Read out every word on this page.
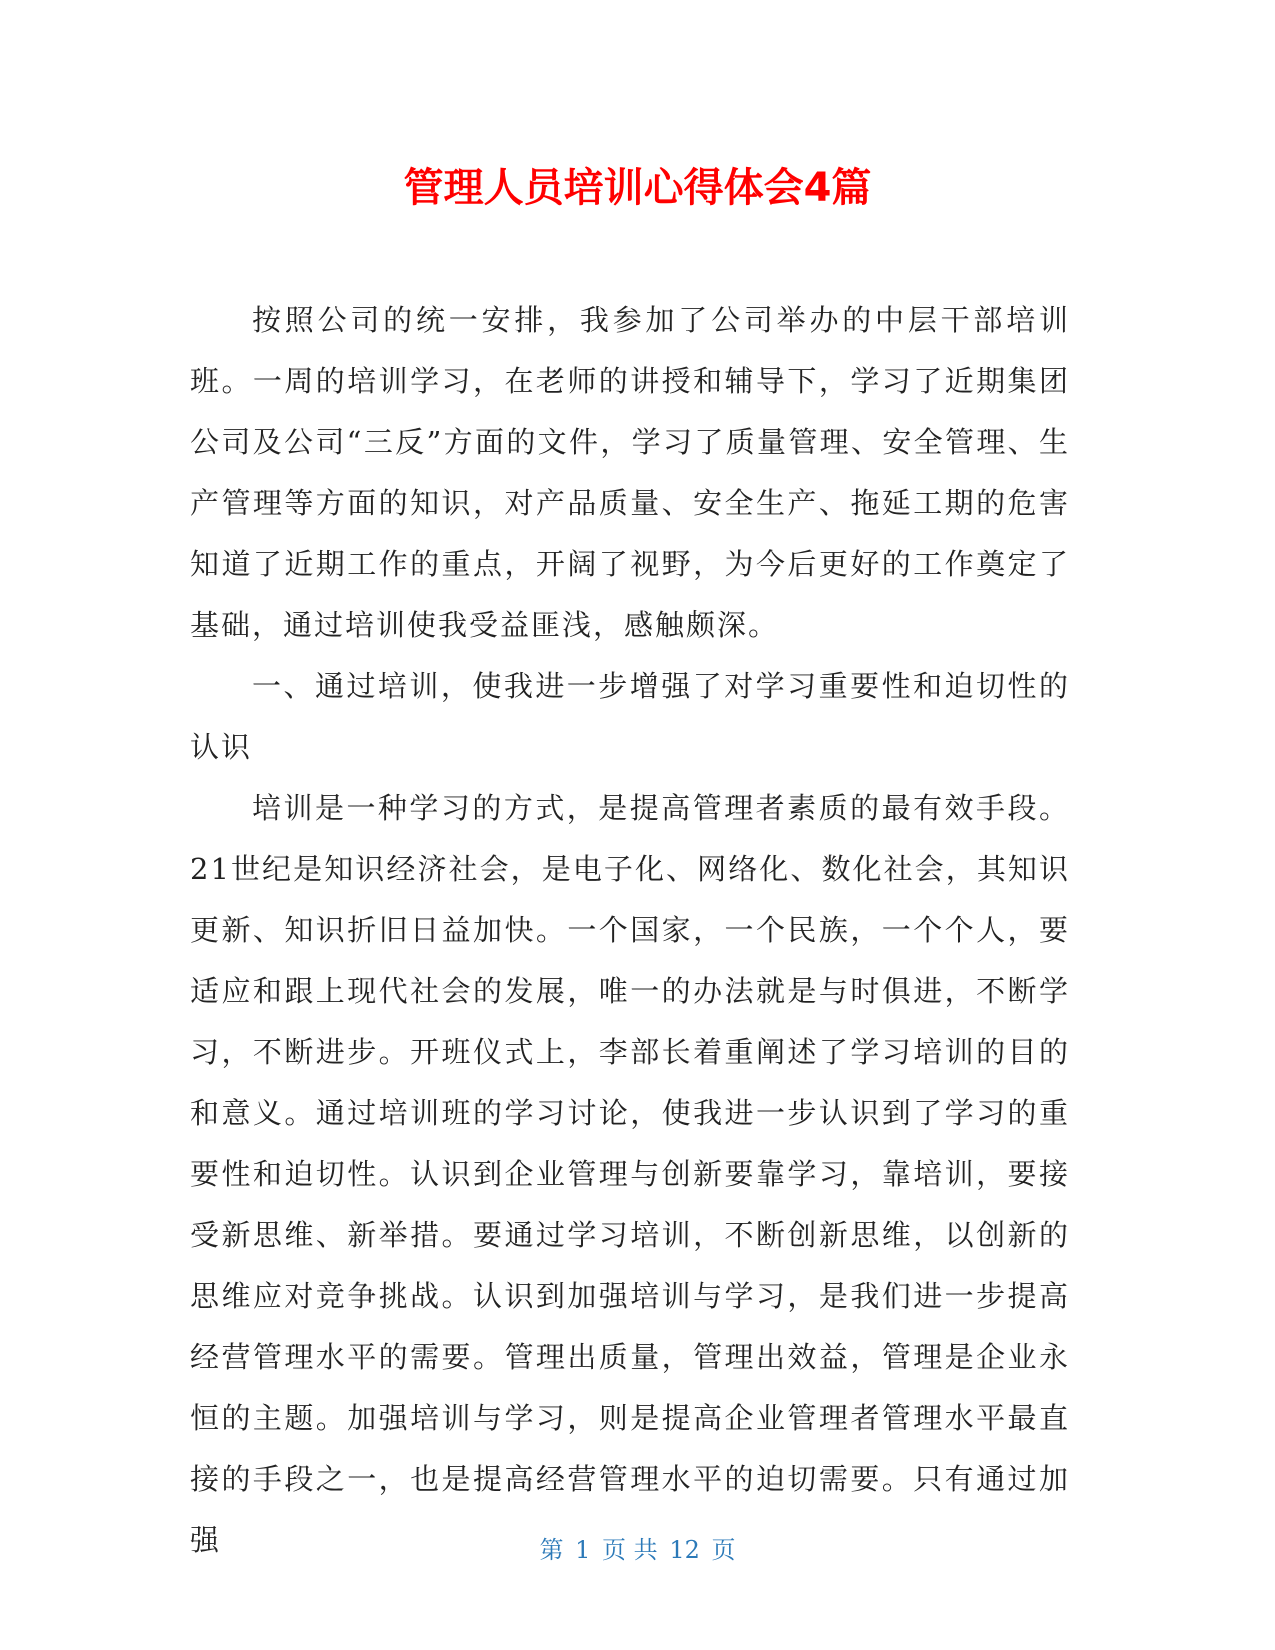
管理人员培训心得体会4篇

按照公司的统一安排，我参加了公司举办的中层干部培训班。一周的培训学习，在老师的讲授和辅导下，学习了近期集团公司及公司“三反”方面的文件，学习了质量管理、安全管理、生产管理等方面的知识，对产品质量、安全生产、拖延工期的危害知道了近期工作的重点，开阔了视野，为今后更好的工作奠定了基础，通过培训使我受益匪浅，感触颇深。

一、通过培训，使我进一步增强了对学习重要性和迫切性的认识

培训是一种学习的方式，是提高管理者素质的最有效手段。21世纪是知识经济社会，是电子化、网络化、数化社会，其知识更新、知识折旧日益加快。一个国家，一个民族，一个个人，要适应和跟上现代社会的发展，唯一的办法就是与时俱进，不断学习，不断进步。开班仪式上，李部长着重阐述了学习培训的目的和意义。通过培训班的学习讨论，使我进一步认识到了学习的重要性和迫切性。认识到企业管理与创新要靠学习，靠培训，要接受新思维、新举措。要通过学习培训，不断创新思维，以创新的思维应对竞争挑战。认识到加强培训与学习，是我们进一步提高经营管理水平的需要。管理出质量，管理出效益，管理是企业永恒的主题。加强培训与学习，则是提高企业管理者管理水平最直接的手段之一，也是提高经营管理水平的迫切需要。只有通过加强	第 1 页 共 12 页
